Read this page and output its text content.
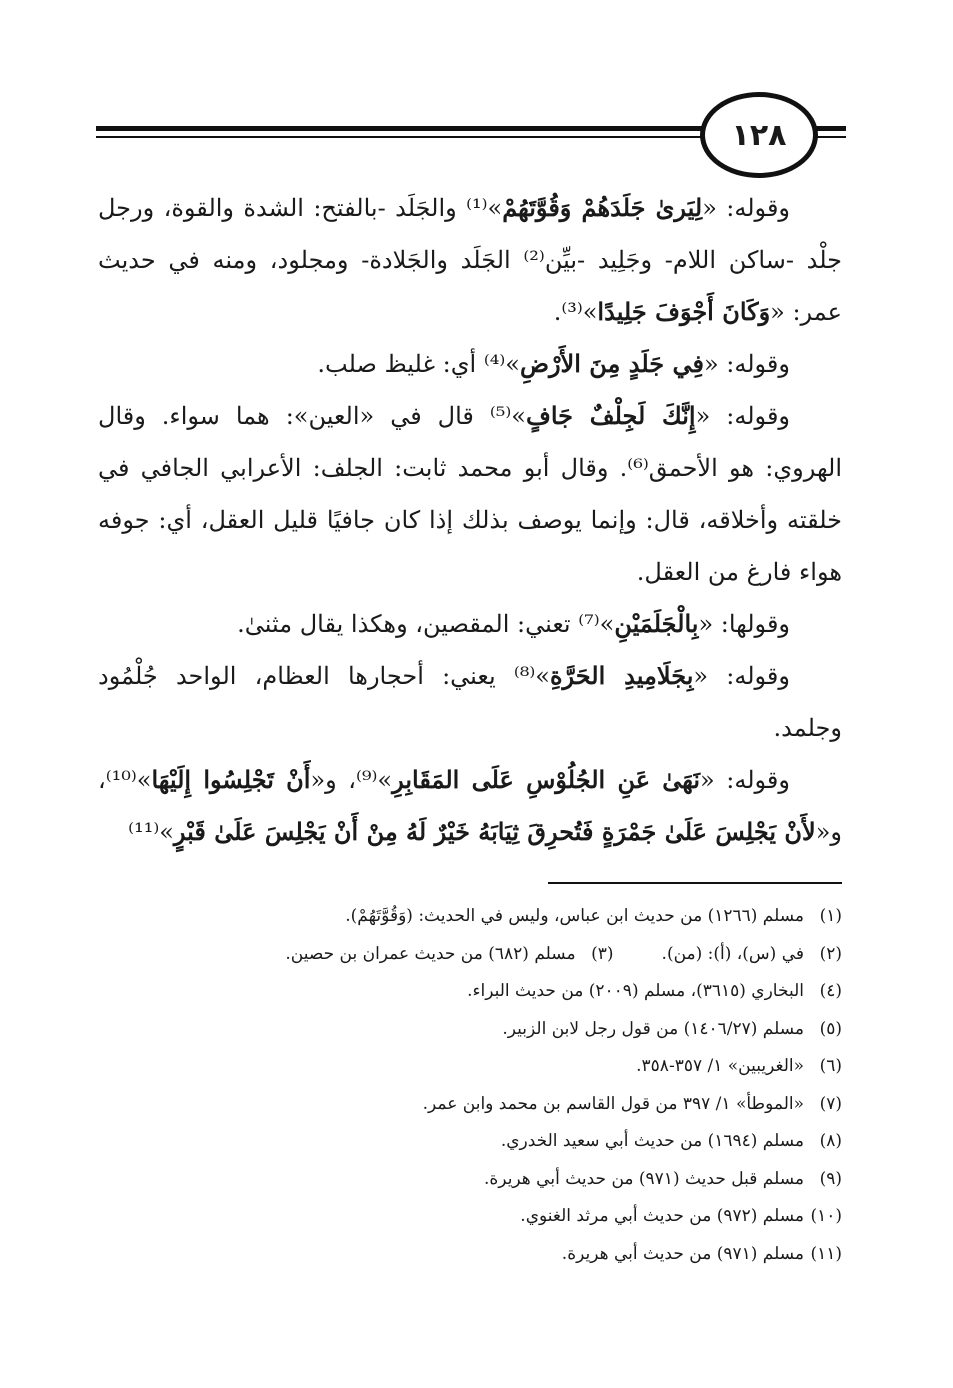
١٢٨

وقوله: «لِيَرىٰ جَلَدَهُمْ وَقُوَّتَهُمْ»⁽¹⁾ والجَلَد -بالفتح: الشدة والقوة، ورجل جلْد -ساكن اللام- وجَلِيد -بيِّن⁽²⁾ الجَلَد والجَلادة- ومجلود، ومنه في حديث عمر: «وَكَانَ أَجْوَفَ جَلِيدًا»⁽³⁾.

وقوله: «فِي جَلَدٍ مِنَ الأَرْضِ»⁽⁴⁾ أي: غليظ صلب.

وقوله: «إِنَّكَ لَجِلْفٌ جَافٍ»⁽⁵⁾ قال في «العين»: هما سواء. وقال الهروي: هو الأحمق⁽⁶⁾. وقال أبو محمد ثابت: الجلف: الأعرابي الجافي في خلقته وأخلاقه، قال: وإنما يوصف بذلك إذا كان جافيًا قليل العقل، أي: جوفه هواء فارغ من العقل.

وقولها: «بِالْجَلَمَيْنِ»⁽⁷⁾ تعني: المقصين، وهكذا يقال مثنىٰ.

وقوله: «بِجَلَامِيدِ الحَرَّةِ»⁽⁸⁾ يعني: أحجارها العظام، الواحد جُلْمُود وجلمد.

وقوله: «نَهَىٰ عَنِ الجُلُوْسِ عَلَى المَقَابِرِ»⁽⁹⁾، و«أَنْ تَجْلِسُوا إِلَيْهَا»⁽¹⁰⁾، و«لأَنْ يَجْلِسَ عَلَىٰ جَمْرَةٍ فَتُحرِقَ ثِيَابَهُ خَيْرٌ لَهُ مِنْ أَنْ يَجْلِسَ عَلَىٰ قَبْرٍ»⁽¹¹⁾

(١)مسلم (١٢٦٦) من حديث ابن عباس، وليس في الحديث: (وَقُوَّتَهُمْ).

(٢)في (س)، (أ): (من).(٣)مسلم (٦٨٢) من حديث عمران بن حصين.

(٤)البخاري (٣٦١٥)، مسلم (٢٠٠٩) من حديث البراء.

(٥)مسلم (١٤٠٦/٢٧) من قول رجل لابن الزبير.

(٦)«الغريبين» ١/ ٣٥٧-٣٥٨.

(٧)«الموطأ» ١/ ٣٩٧ من قول القاسم بن محمد وابن عمر.

(٨)مسلم (١٦٩٤) من حديث أبي سعيد الخدري.

(٩)مسلم قبل حديث (٩٧١) من حديث أبي هريرة.

(١٠)مسلم (٩٧٢) من حديث أبي مرثد الغنوي.

(١١)مسلم (٩٧١) من حديث أبي هريرة.
